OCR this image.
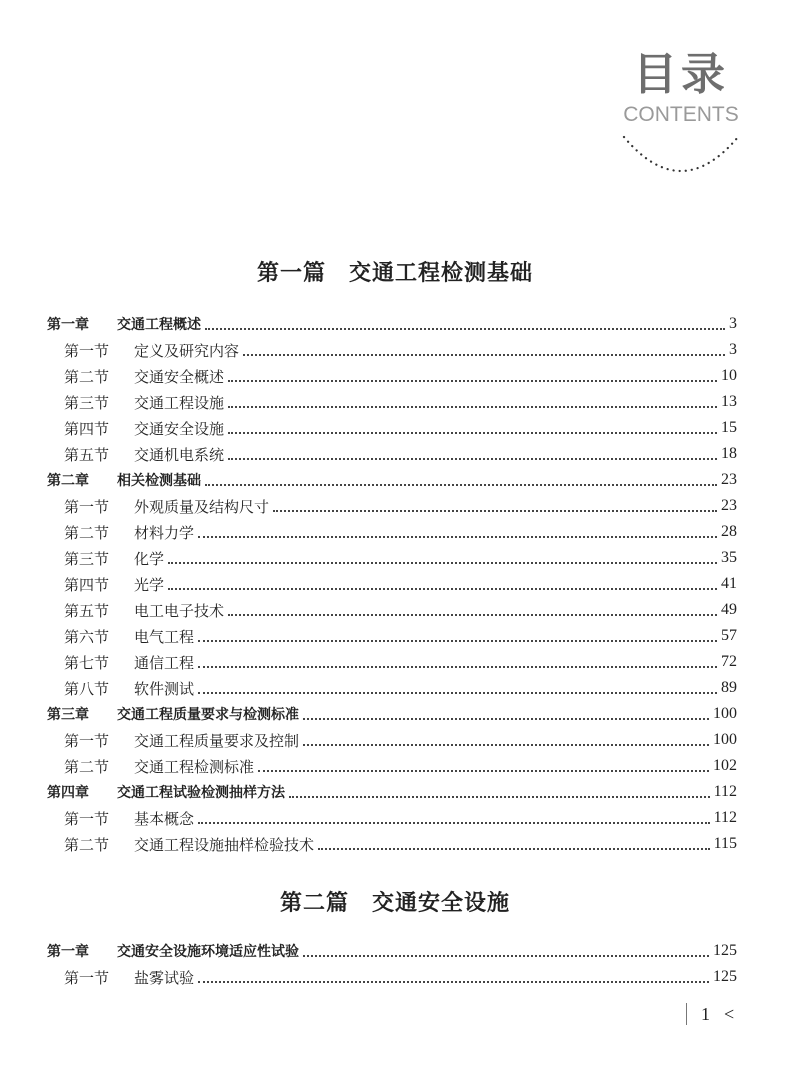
目录
CONTENTS
第一篇　交通工程检测基础
第一章	交通工程概述	3
第一节	定义及研究内容	3
第二节	交通安全概述	10
第三节	交通工程设施	13
第四节	交通安全设施	15
第五节	交通机电系统	18
第二章	相关检测基础	23
第一节	外观质量及结构尺寸	23
第二节	材料力学	28
第三节	化学	35
第四节	光学	41
第五节	电工电子技术	49
第六节	电气工程	57
第七节	通信工程	72
第八节	软件测试	89
第三章	交通工程质量要求与检测标准	100
第一节	交通工程质量要求及控制	100
第二节	交通工程检测标准	102
第四章	交通工程试验检测抽样方法	112
第一节	基本概念	112
第二节	交通工程设施抽样检验技术	115
第二篇　交通安全设施
第一章	交通安全设施环境适应性试验	125
第一节	盐雾试验	125
1 <
